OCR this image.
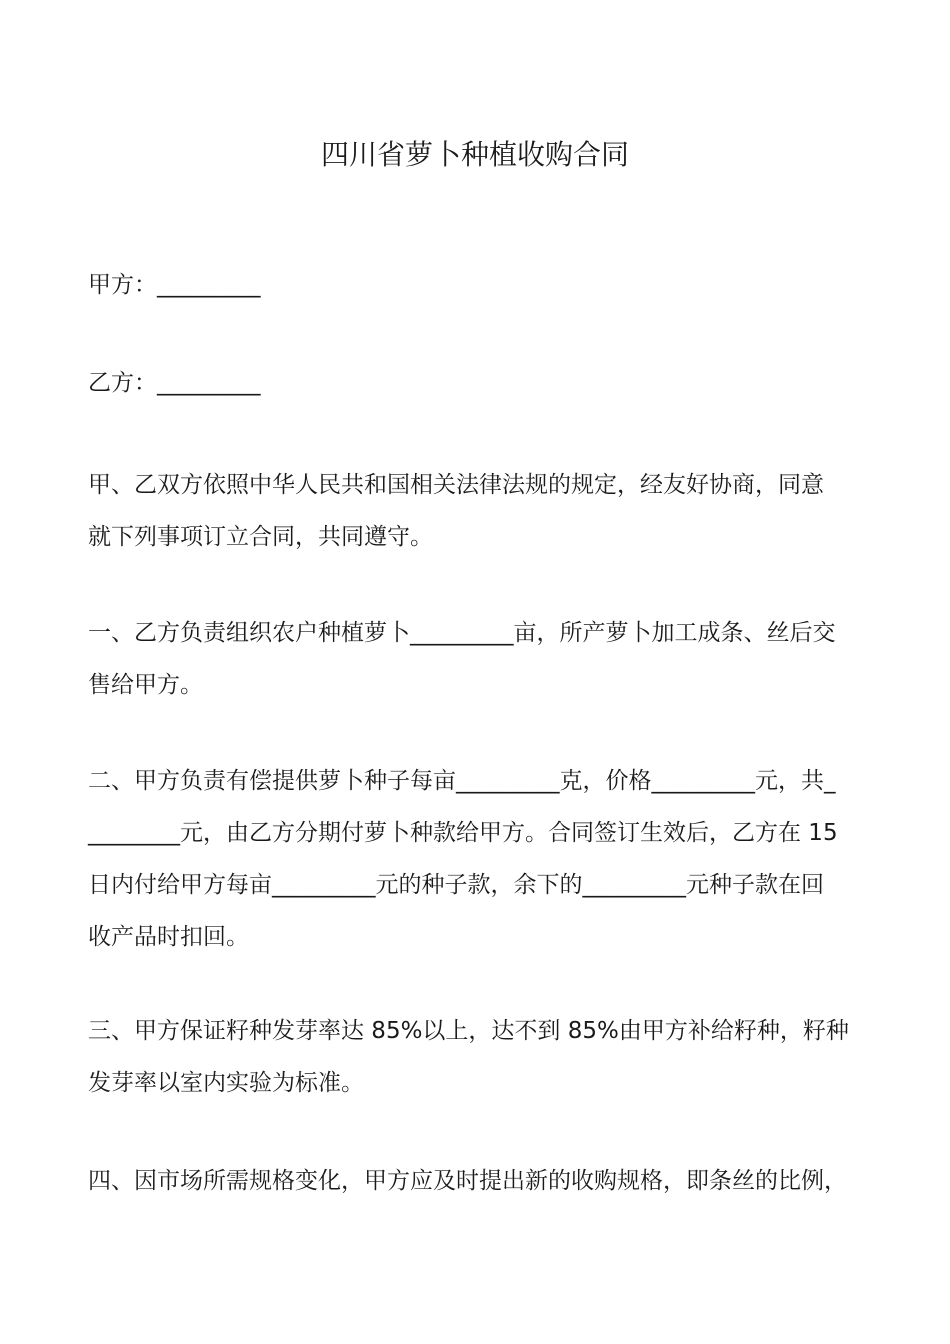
四川省萝卜种植收购合同

甲方：_________

乙方：_________

甲、乙双方依照中华人民共和国相关法律法规的规定，经友好协商，同意
就下列事项订立合同，共同遵守。

一、乙方负责组织农户种植萝卜_________亩，所产萝卜加工成条、丝后交
售给甲方。

二、甲方负责有偿提供萝卜种子每亩_________克，价格_________元，共_
________元，由乙方分期付萝卜种款给甲方。合同签订生效后，乙方在 15
日内付给甲方每亩_________元的种子款，余下的_________元种子款在回
收产品时扣回。

三、甲方保证籽种发芽率达 85%以上，达不到 85%由甲方补给籽种，籽种
发芽率以室内实验为标准。

四、因市场所需规格变化，甲方应及时提出新的收购规格，即条丝的比例，
